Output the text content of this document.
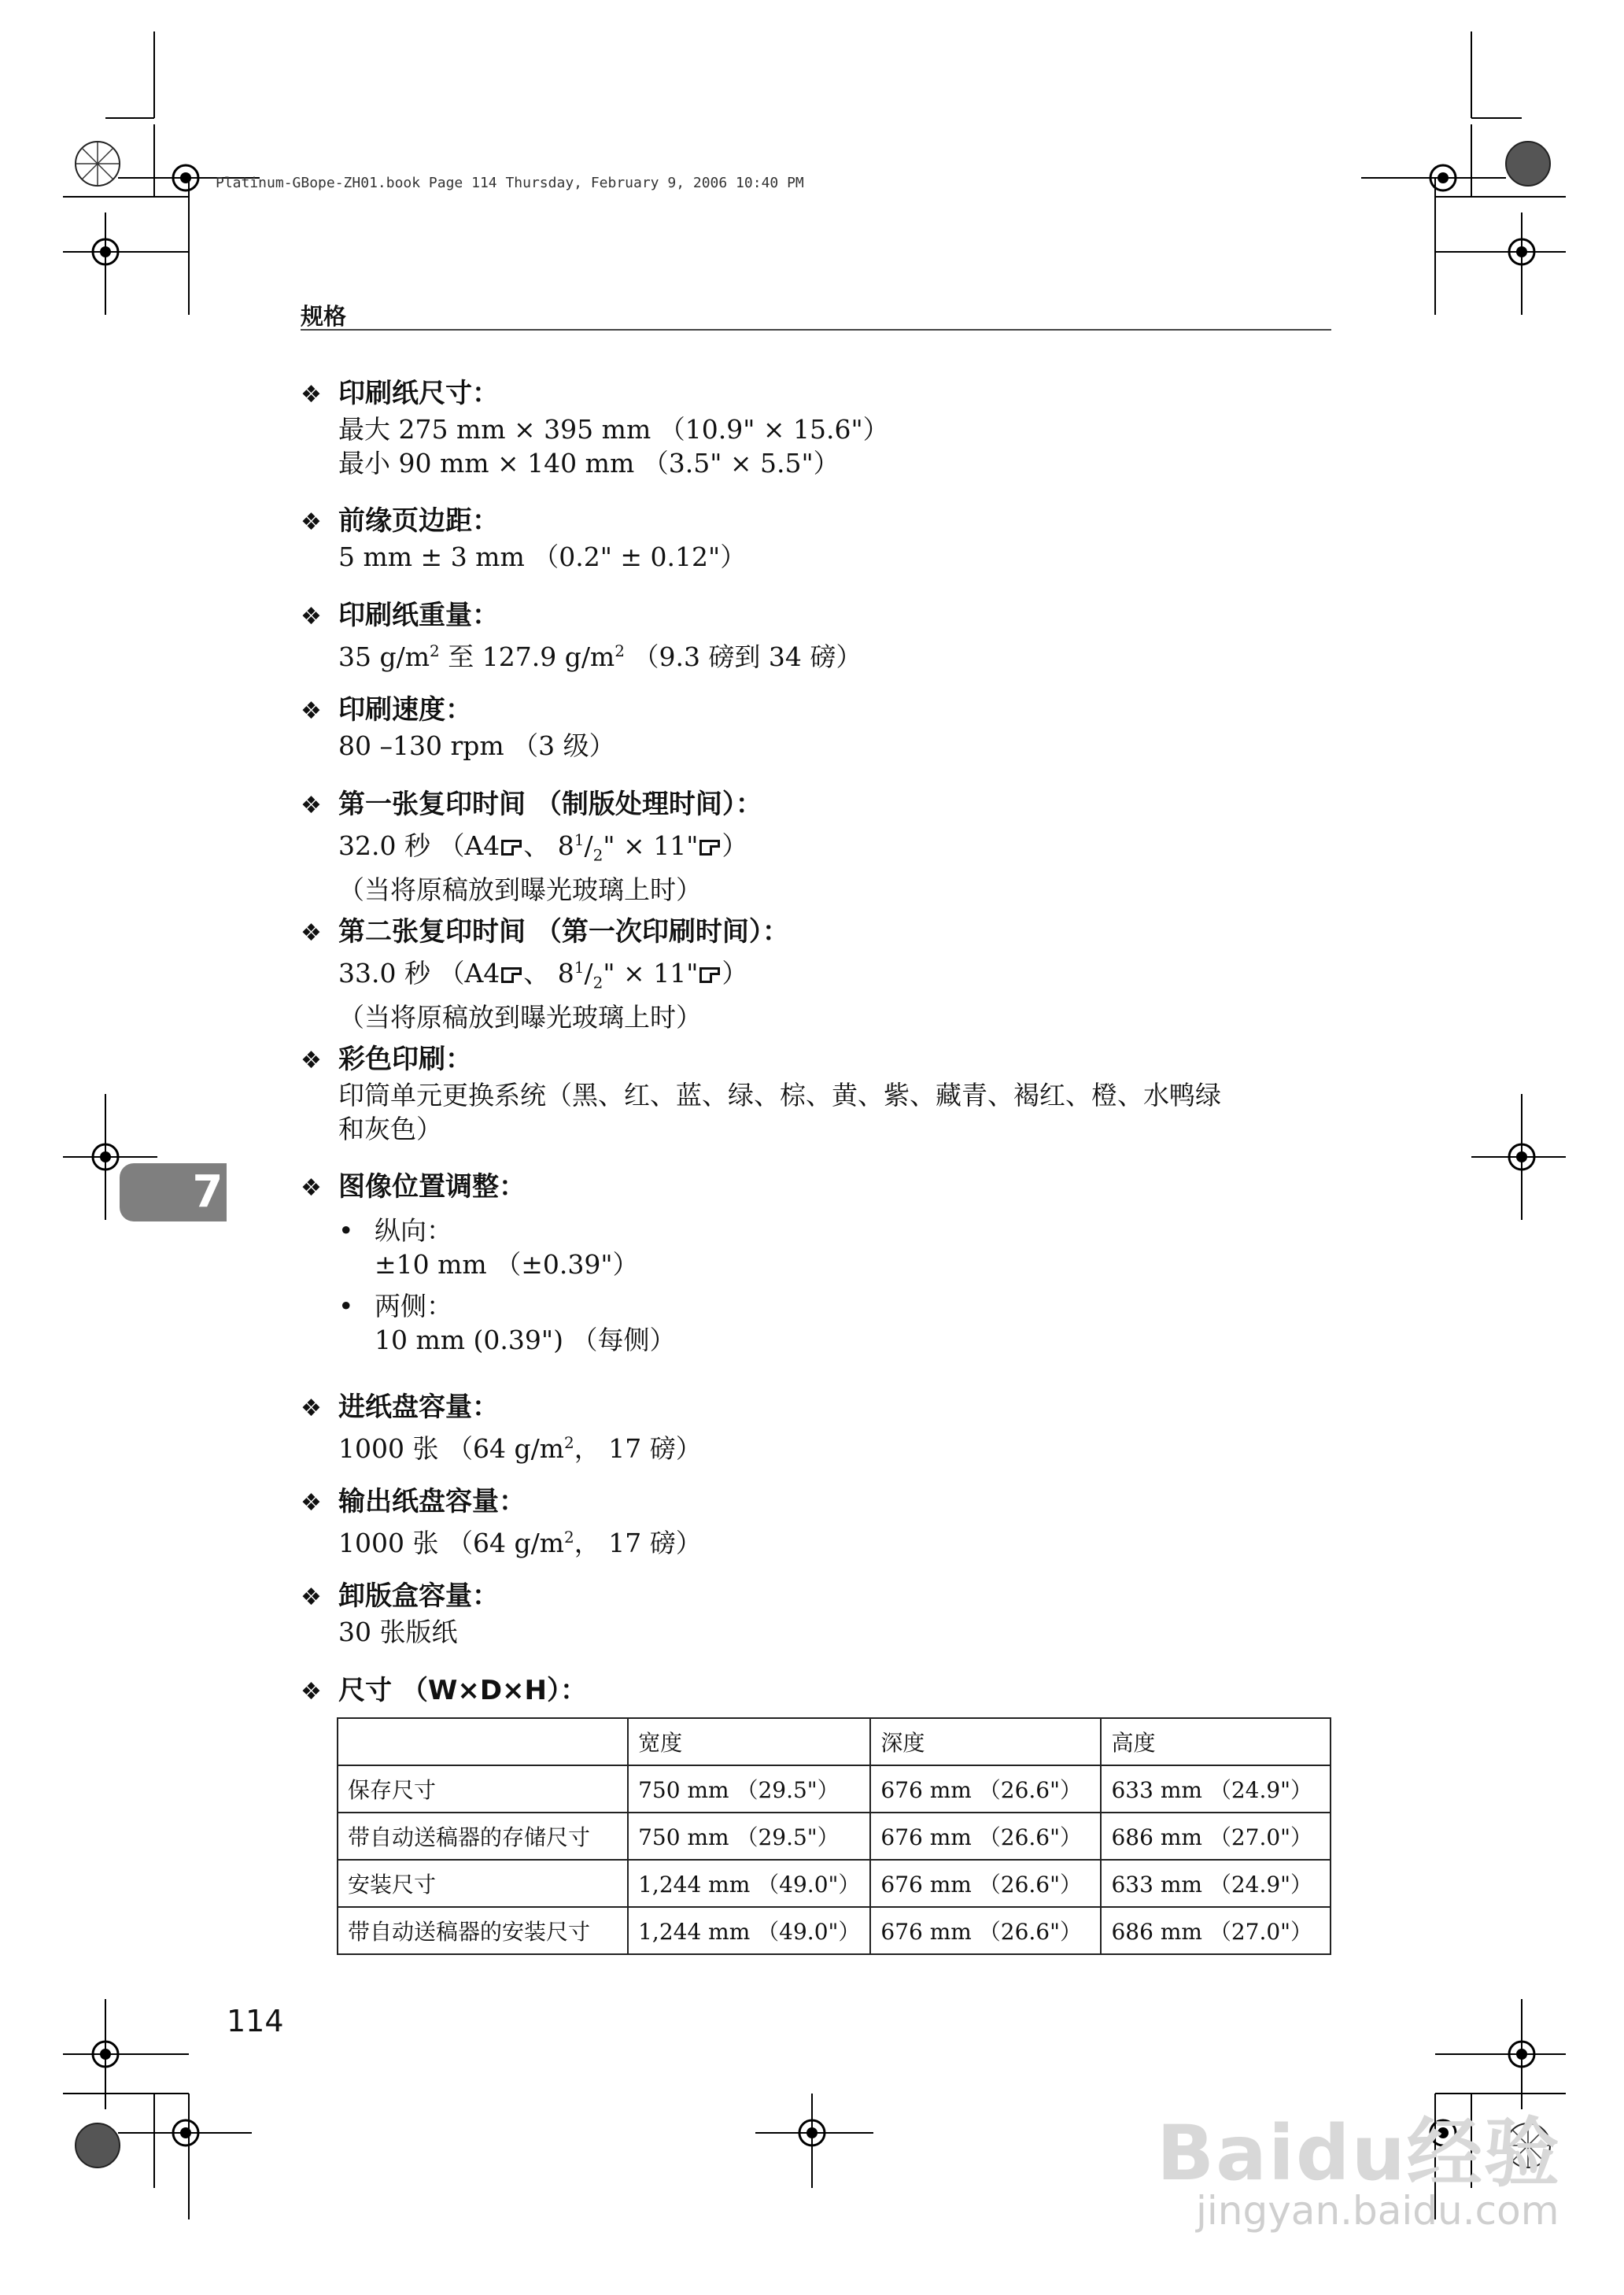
Platinum-GBope-ZH01.book Page 114 Thursday, February 9, 2006 10:40 PM
规格
❖ 印刷纸尺寸：
最大 275 mm × 395 mm （10.9" × 15.6"）
最小 90 mm × 140 mm （3.5" × 5.5"）
❖ 前缘页边距：
5 mm ± 3 mm （0.2" ± 0.12"）
❖ 印刷纸重量：
35 $g/m^2$ 至 127.9 $g/m^2$ （9.3 磅到 34 磅）
❖ 印刷速度：
80 –130 rpm （3 级）
❖ 第一张复印时间 （制版处理时间）：
32.0 秒 （A4 、 $8^1/_2$" × 11" ）
（当将原稿放到曝光玻璃上时）
❖ 第二张复印时间 （第一次印刷时间）：
33.0 秒 （A4 、 $8^1/_2$" × 11" ）
（当将原稿放到曝光玻璃上时）
❖ 彩色印刷：
印筒单元更换系统（黑、红、蓝、绿、棕、黄、紫、藏青、褐红、橙、水鸭绿
和灰色）
7	❖ 图像位置调整：
• 纵向：
±10 mm （±0.39"）
• 两侧：
10 mm (0.39") （每侧）
❖ 进纸盘容量：
1000 张 （64 $g/m^2$， 17 磅）
❖ 输出纸盘容量：
1000 张 （64 $g/m^2$， 17 磅）
❖ 卸版盒容量：
30 张版纸
❖ 尺寸 （W×D×H）：
	宽度	深度	高度
保存尺寸	750 mm （29.5"）	676 mm （26.6"）	633 mm （24.9"）
带自动送稿器的存储尺寸	750 mm （29.5"）	676 mm （26.6"）	686 mm （27.0"）
安装尺寸	1,244 mm （49.0"）	676 mm （26.6"）	633 mm （24.9"）
带自动送稿器的安装尺寸	1,244 mm （49.0"）	676 mm （26.6"）	686 mm （27.0"）
114
Baidu经验
jingyan.baidu.com
